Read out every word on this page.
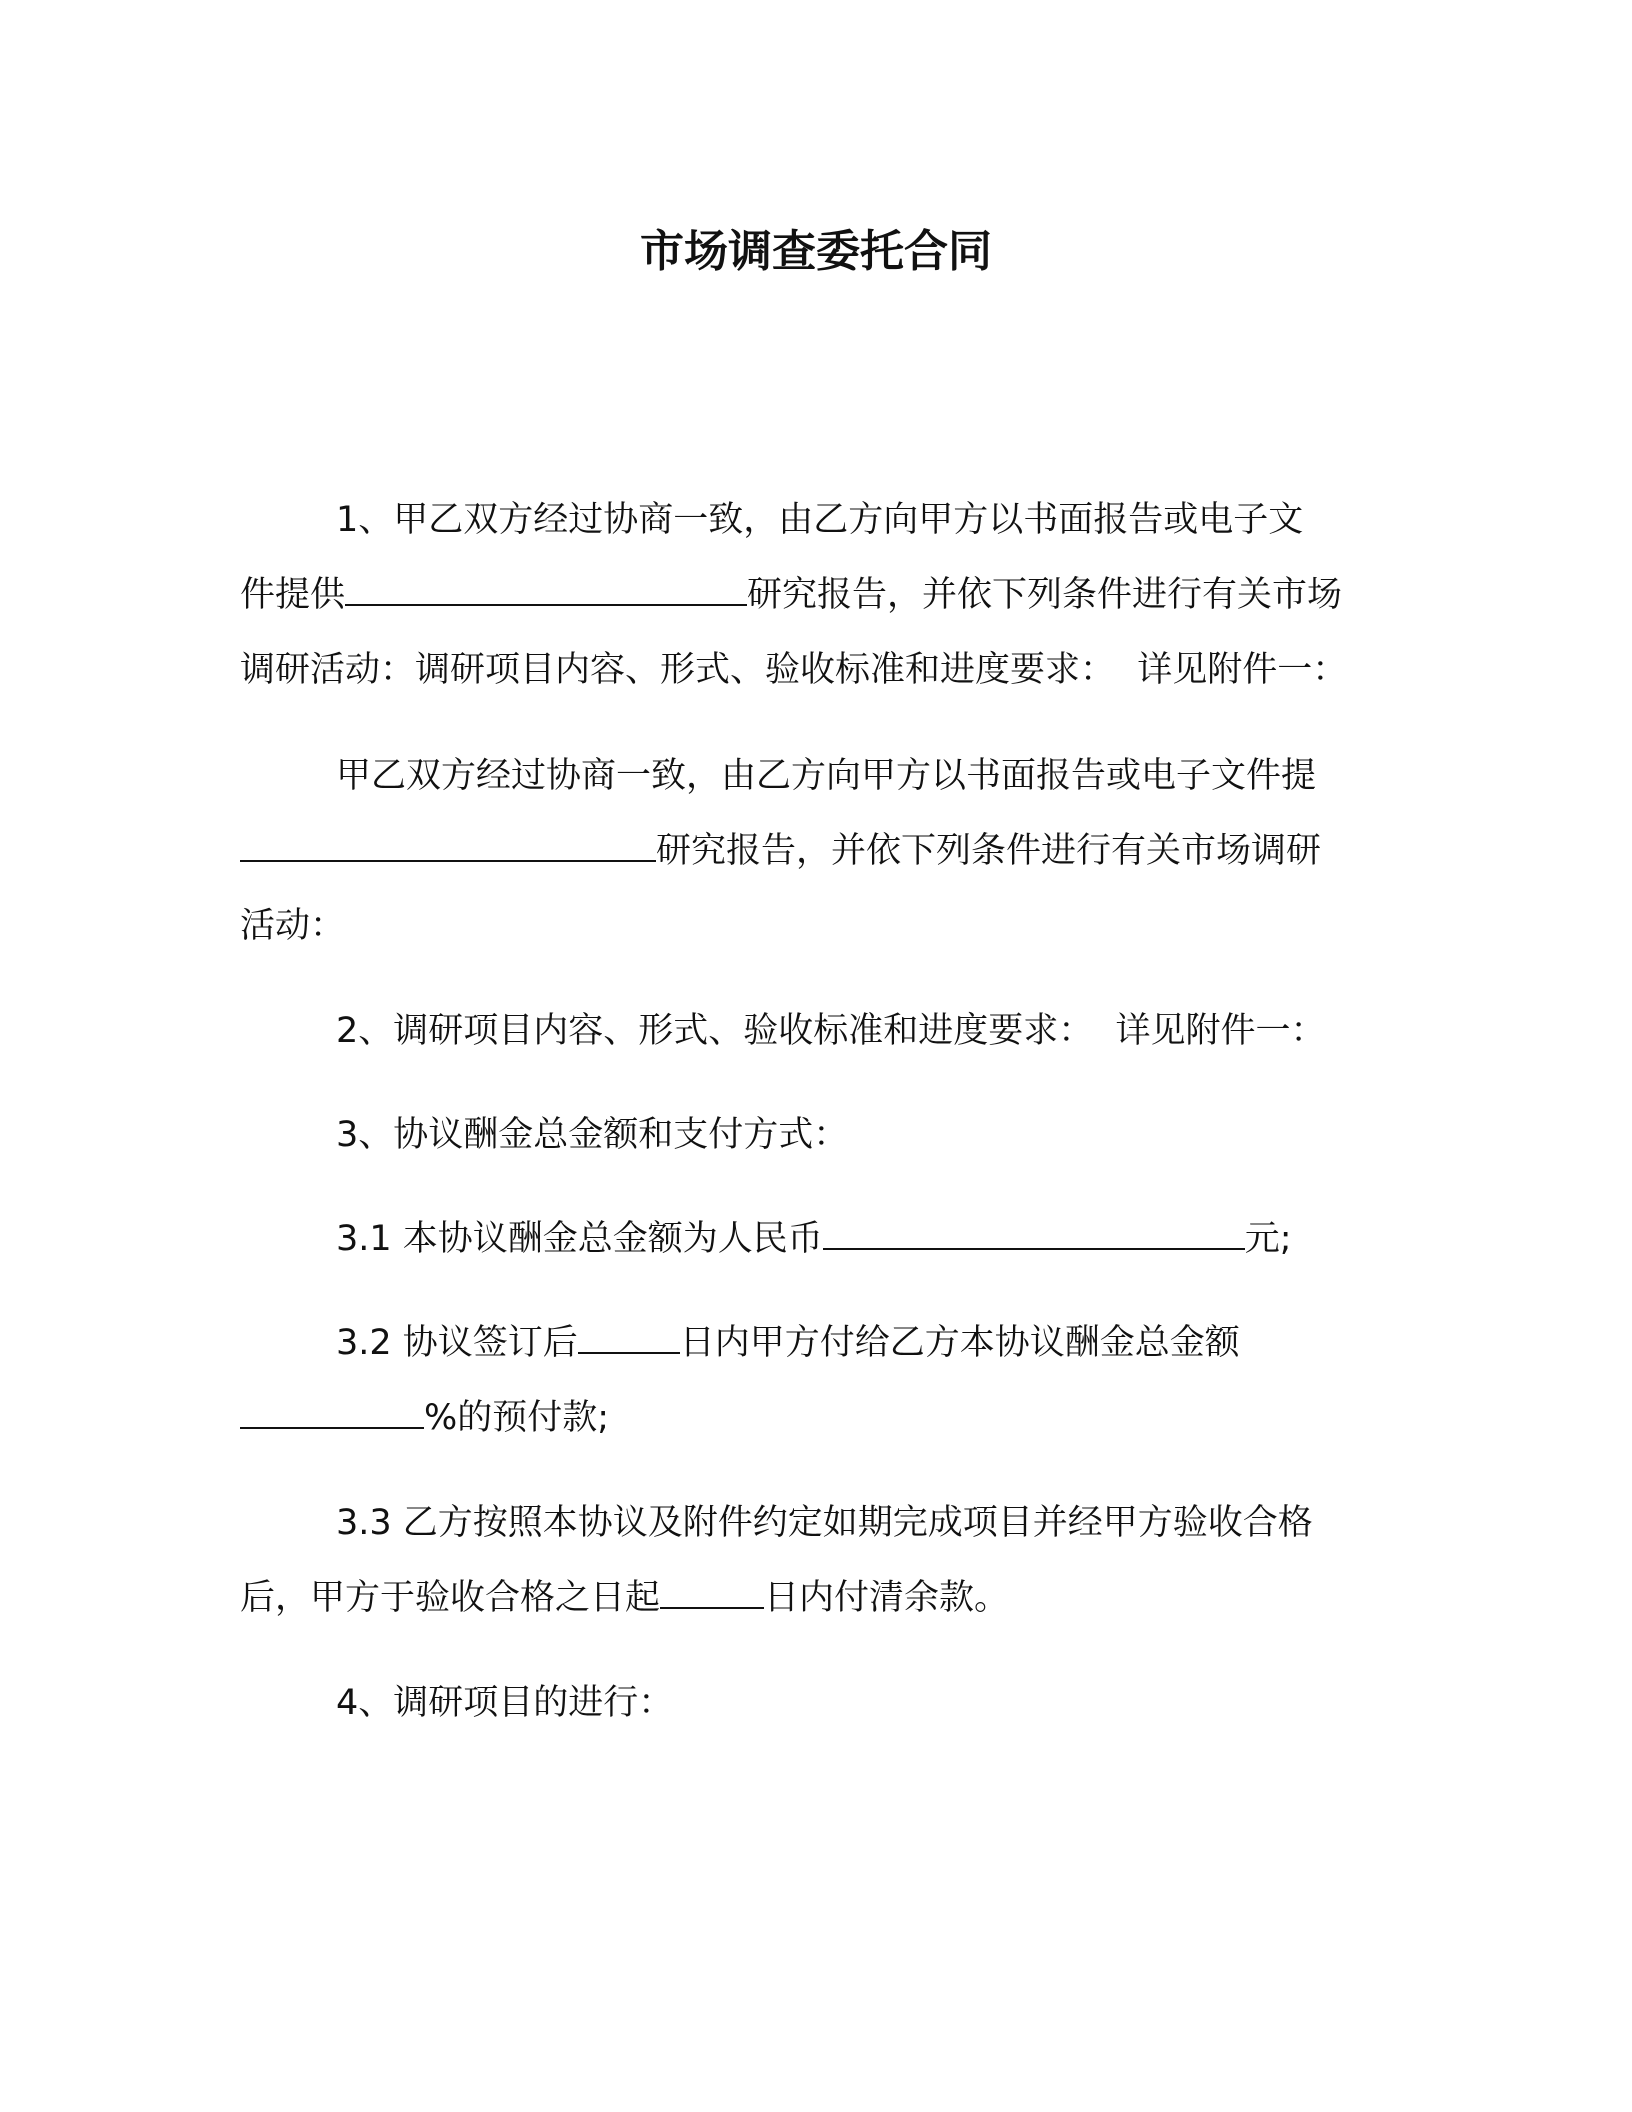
市场调查委托合同
1、甲乙双方经过协商一致，由乙方向甲方以书面报告或电子文
件提供	研究报告，并依下列条件进行有关市场
调研活动：调研项目内容、形式、验收标准和进度要求：  详见附件一：
甲乙双方经过协商一致，由乙方向甲方以书面报告或电子文件提
研究报告，并依下列条件进行有关市场调研
活动：
2、调研项目内容、形式、验收标准和进度要求：  详见附件一：
3、协议酬金总金额和支付方式：
3.1 本协议酬金总金额为人民币	元;
3.2 协议签订后	日内甲方付给乙方本协议酬金总金额
%的预付款;
3.3 乙方按照本协议及附件约定如期完成项目并经甲方验收合格
后，甲方于验收合格之日起	日内付清余款。
4、调研项目的进行：
